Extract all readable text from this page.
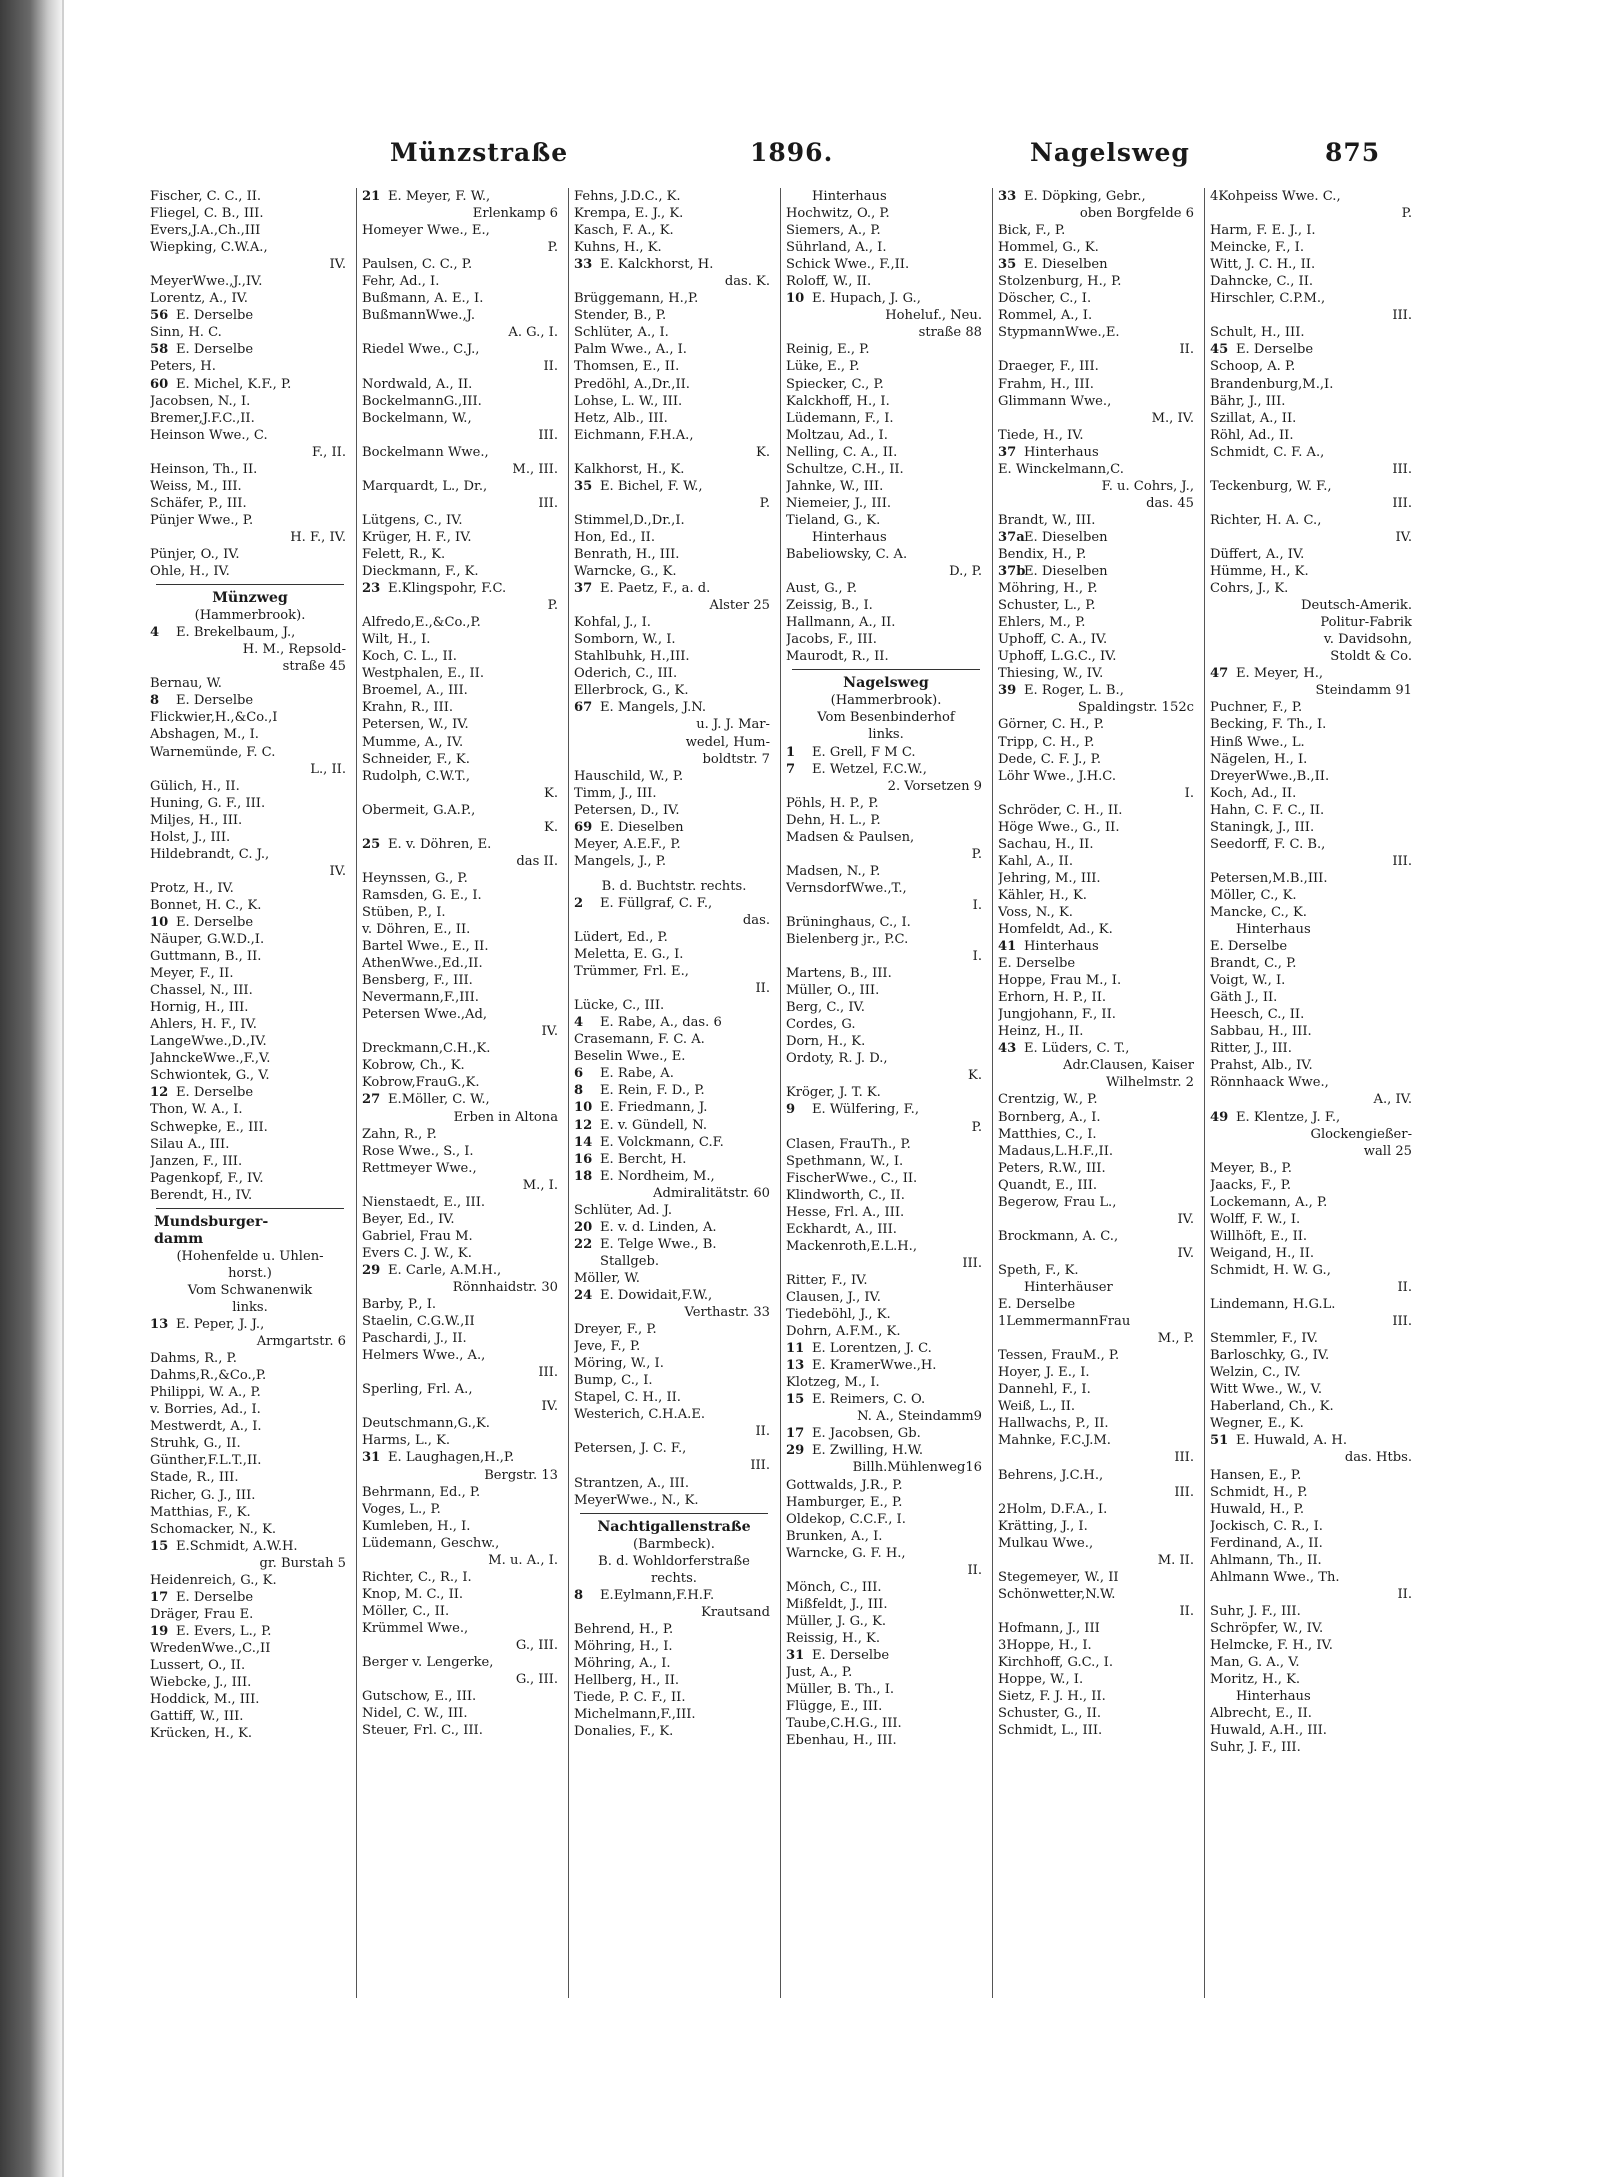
Münzstraße	1896.	Nagelsweg	875
Fischer, C. C., II.
Fliegel, C. B., III.
Evers,J.A.,Ch.,III
Wiepking, C.W.A.,
IV.
MeyerWwe.,J.,IV.
Lorentz, A., IV.
56 E. Derselbe
Sinn, H. C.
58 E. Derselbe
Peters, H.
60 E. Michel, K.F., P.
Jacobsen, N., I.
Bremer,J.F.C.,II.
Heinson Wwe., C.
F., II.
Heinson, Th., II.
Weiss, M., III.
Schäfer, P., III.
Pünjer Wwe., P.
H. F., IV.
Pünjer, O., IV.
Ohle, H., IV.
Münzweg
(Hammerbrook).
4 E. Brekelbaum, J.,
H. M., Repsold-
straße 45
Bernau, W.
8 E. Derselbe
Flickwier,H.,&Co.,I
Abshagen, M., I.
Warnemünde, F. C.
L., II.
Gülich, H., II.
Huning, G. F., III.
Miljes, H., III.
Holst, J., III.
Hildebrandt, C. J.,
IV.
Protz, H., IV.
Bonnet, H. C., K.
10 E. Derselbe
Näuper, G.W.D.,I.
Guttmann, B., II.
Meyer, F., II.
Chassel, N., III.
Hornig, H., III.
Ahlers, H. F., IV.
LangeWwe.,D.,IV.
JahnckeWwe.,F.,V.
Schwiontek, G., V.
12 E. Derselbe
Thon, W. A., I.
Schwepke, E., III.
Silau A., III.
Janzen, F., III.
Pagenkopf, F., IV.
Berendt, H., IV.
Mundsburger-
damm
(Hohenfelde u. Uhlen-
horst.)
Vom Schwanenwik
links.
13 E. Peper, J. J.,
Armgartstr. 6
Dahms, R., P.
Dahms,R.,&Co.,P.
Philippi, W. A., P.
v. Borries, Ad., I.
Mestwerdt, A., I.
Struhk, G., II.
Günther,F.L.T.,II.
Stade, R., III.
Richer, G. J., III.
Matthias, F., K.
Schomacker, N., K.
15 E.Schmidt, A.W.H.
gr. Burstah 5
Heidenreich, G., K.
17 E. Derselbe
Dräger, Frau E.
19 E. Evers, L., P.
WredenWwe.,C.,II
Lussert, O., II.
Wiebcke, J., III.
Hoddick, M., III.
Gattiff, W., III.
Krücken, H., K.
21 E. Meyer, F. W.,
Erlenkamp 6
Homeyer Wwe., E.,
P.
Paulsen, C. C., P.
Fehr, Ad., I.
Bußmann, A. E., I.
BußmannWwe.,J.
A. G., I.
Riedel Wwe., C.J.,
II.
Nordwald, A., II.
BockelmannG.,III.
Bockelmann, W.,
III.
Bockelmann Wwe.,
M., III.
Marquardt, L., Dr.,
III.
Lütgens, C., IV.
Krüger, H. F., IV.
Felett, R., K.
Dieckmann, F., K.
23 E.Klingspohr, F.C.
P.
Alfredo,E.,&Co.,P.
Wilt, H., I.
Koch, C. L., II.
Westphalen, E., II.
Broemel, A., III.
Krahn, R., III.
Petersen, W., IV.
Mumme, A., IV.
Schneider, F., K.
Rudolph, C.W.T.,
K.
Obermeit, G.A.P.,
K.
25 E. v. Döhren, E.
das II.
Heynssen, G., P.
Ramsden, G. E., I.
Stüben, P., I.
v. Döhren, E., II.
Bartel Wwe., E., II.
AthenWwe.,Ed.,II.
Bensberg, F., III.
Nevermann,F.,III.
Petersen Wwe.,Ad,
IV.
Dreckmann,C.H.,K.
Kobrow, Ch., K.
Kobrow,FrauG.,K.
27 E.Möller, C. W.,
Erben in Altona
Zahn, R., P.
Rose Wwe., S., I.
Rettmeyer Wwe.,
M., I.
Nienstaedt, E., III.
Beyer, Ed., IV.
Gabriel, Frau M.
Evers C. J. W., K.
29 E. Carle, A.M.H.,
Rönnhaidstr. 30
Barby, P., I.
Staelin, C.G.W.,II
Paschardi, J., II.
Helmers Wwe., A.,
III.
Sperling, Frl. A.,
IV.
Deutschmann,G.,K.
Harms, L., K.
31 E. Laughagen,H.,P.
Bergstr. 13
Behrmann, Ed., P.
Voges, L., P.
Kumleben, H., I.
Lüdemann, Geschw.,
M. u. A., I.
Richter, C., R., I.
Knop, M. C., II.
Möller, C., II.
Krümmel Wwe.,
G., III.
Berger v. Lengerke,
G., III.
Gutschow, E., III.
Nidel, C. W., III.
Steuer, Frl. C., III.
Fehns, J.D.C., K.
Krempa, E. J., K.
Kasch, F. A., K.
Kuhns, H., K.
33 E. Kalckhorst, H.
das. K.
Brüggemann, H.,P.
Stender, B., P.
Schlüter, A., I.
Palm Wwe., A., I.
Thomsen, E., II.
Predöhl, A.,Dr.,II.
Lohse, L. W., III.
Hetz, Alb., III.
Eichmann, F.H.A.,
K.
Kalkhorst, H., K.
35 E. Bichel, F. W.,
P.
Stimmel,D.,Dr.,I.
Hon, Ed., II.
Benrath, H., III.
Warncke, G., K.
37 E. Paetz, F., a. d.
Alster 25
Kohfal, J., I.
Somborn, W., I.
Stahlbuhk, H.,III.
Oderich, C., III.
Ellerbrock, G., K.
67 E. Mangels, J.N.
u. J. J. Mar-
wedel, Hum-
boldtstr. 7
Hauschild, W., P.
Timm, J., III.
Petersen, D., IV.
69 E. Dieselben
Meyer, A.E.F., P.
Mangels, J., P.
B. d. Buchtstr. rechts.
2 E. Füllgraf, C. F.,
das.
Lüdert, Ed., P.
Meletta, E. G., I.
Trümmer, Frl. E.,
II.
Lücke, C., III.
4 E. Rabe, A., das. 6
Crasemann, F. C. A.
Beselin Wwe., E.
6 E. Rabe, A.
8 E. Rein, F. D., P.
10 E. Friedmann, J.
12 E. v. Gündell, N.
14 E. Volckmann, C.F.
16 E. Bercht, H.
18 E. Nordheim, M.,
Admiralitätstr. 60
Schlüter, Ad. J.
20 E. v. d. Linden, A.
22 E. Telge Wwe., B.
Stallgeb.
Möller, W.
24 E. Dowidait,F.W.,
Verthastr. 33
Dreyer, F., P.
Jeve, F., P.
Möring, W., I.
Bump, C., I.
Stapel, C. H., II.
Westerich, C.H.A.E.
II.
Petersen, J. C. F.,
III.
Strantzen, A., III.
MeyerWwe., N., K.
Nachtigallenstraße
(Barmbeck).
B. d. Wohldorferstraße
rechts.
8 E.Eylmann,F.H.F.
Krautsand
Behrend, H., P.
Möhring, H., I.
Möhring, A., I.
Hellberg, H., II.
Tiede, P. C. F., II.
Michelmann,F.,III.
Donalies, F., K.
Hinterhaus
Hochwitz, O., P.
Siemers, A., P.
Sührland, A., I.
Schick Wwe., F.,II.
Roloff, W., II.
10 E. Hupach, J. G.,
Hoheluf., Neu.
straße 88
Reinig, E., P.
Lüke, E., P.
Spiecker, C., P.
Kalckhoff, H., I.
Lüdemann, F., I.
Moltzau, Ad., I.
Nelling, C. A., II.
Schultze, C.H., II.
Jahnke, W., III.
Niemeier, J., III.
Tieland, G., K.
Hinterhaus
Babeliowsky, C. A.
D., P.
Aust, G., P.
Zeissig, B., I.
Hallmann, A., II.
Jacobs, F., III.
Maurodt, R., II.
Nagelsweg
(Hammerbrook).
Vom Besenbinderhof
links.
1 E. Grell, F M C.
7 E. Wetzel, F.C.W.,
2. Vorsetzen 9
Pöhls, H. P., P.
Dehn, H. L., P.
Madsen & Paulsen,
P.
Madsen, N., P.
VernsdorfWwe.,T.,
I.
Brüninghaus, C., I.
Bielenberg jr., P.C.
I.
Martens, B., III.
Müller, O., III.
Berg, C., IV.
Cordes, G.
Dorn, H., K.
Ordoty, R. J. D.,
K.
Kröger, J. T. K.
9 E. Wülfering, F.,
P.
Clasen, FrauTh., P.
Spethmann, W., I.
FischerWwe., C., II.
Klindworth, C., II.
Hesse, Frl. A., III.
Eckhardt, A., III.
Mackenroth,E.L.H.,
III.
Ritter, F., IV.
Clausen, J., IV.
Tiedeböhl, J., K.
Dohrn, A.F.M., K.
11 E. Lorentzen, J. C.
13 E. KramerWwe.,H.
Klotzeg, M., I.
15 E. Reimers, C. O.
N. A., Steindamm9
17 E. Jacobsen, Gb.
29 E. Zwilling, H.W.
Billh.Mühlenweg16
Gottwalds, J.R., P.
Hamburger, E., P.
Oldekop, C.C.F., I.
Brunken, A., I.
Warncke, G. F. H.,
II.
Mönch, C., III.
Mißfeldt, J., III.
Müller, J. G., K.
Reissig, H., K.
31 E. Derselbe
Just, A., P.
Müller, B. Th., I.
Flügge, E., III.
Taube,C.H.G., III.
Ebenhau, H., III.
33 E. Döpking, Gebr.,
oben Borgfelde 6
Bick, F., P.
Hommel, G., K.
35 E. Dieselben
Stolzenburg, H., P.
Döscher, C., I.
Rommel, A., I.
StypmannWwe.,E.
II.
Draeger, F., III.
Frahm, H., III.
Glimmann Wwe.,
M., IV.
Tiede, H., IV.
37 Hinterhaus
E. Winckelmann,C.
F. u. Cohrs, J.,
das. 45
Brandt, W., III.
37aE. Dieselben
Bendix, H., P.
37bE. Dieselben
Möhring, H., P.
Schuster, L., P.
Ehlers, M., P.
Uphoff, C. A., IV.
Uphoff, L.G.C., IV.
Thiesing, W., IV.
39 E. Roger, L. B.,
Spaldingstr. 152c
Görner, C. H., P.
Tripp, C. H., P.
Dede, C. F. J., P.
Löhr Wwe., J.H.C.
I.
Schröder, C. H., II.
Höge Wwe., G., II.
Sachau, H., II.
Kahl, A., II.
Jehring, M., III.
Kähler, H., K.
Voss, N., K.
Homfeldt, Ad., K.
41 Hinterhaus
E. Derselbe
Hoppe, Frau M., I.
Erhorn, H. P., II.
Jungjohann, F., II.
Heinz, H., II.
43 E. Lüders, C. T.,
Adr.Clausen, Kaiser
Wilhelmstr. 2
Crentzig, W., P.
Bornberg, A., I.
Matthies, C., I.
Madaus,L.H.F.,II.
Peters, R.W., III.
Quandt, E., III.
Begerow, Frau L.,
IV.
Brockmann, A. C.,
IV.
Speth, F., K.
Hinterhäuser
E. Derselbe
1LemmermannFrau
M., P.
Tessen, FrauM., P.
Hoyer, J. E., I.
Dannehl, F., I.
Weiß, L., II.
Hallwachs, P., II.
Mahnke, F.C.J.M.
III.
Behrens, J.C.H.,
III.
2Holm, D.F.A., I.
Krätting, J., I.
Mulkau Wwe.,
M. II.
Stegemeyer, W., II
Schönwetter,N.W.
II.
Hofmann, J., III
3Hoppe, H., I.
Kirchhoff, G.C., I.
Hoppe, W., I.
Sietz, F. J. H., II.
Schuster, G., II.
Schmidt, L., III.
4Kohpeiss Wwe. C.,
P.
Harm, F. E. J., I.
Meincke, F., I.
Witt, J. C. H., II.
Dahncke, C., II.
Hirschler, C.P.M.,
III.
Schult, H., III.
45 E. Derselbe
Schoop, A. P.
Brandenburg,M.,I.
Bähr, J., III.
Szillat, A., II.
Röhl, Ad., II.
Schmidt, C. F. A.,
III.
Teckenburg, W. F.,
III.
Richter, H. A. C.,
IV.
Düffert, A., IV.
Hümme, H., K.
Cohrs, J., K.
Deutsch-Amerik.
Politur-Fabrik
v. Davidsohn,
Stoldt & Co.
47 E. Meyer, H.,
Steindamm 91
Puchner, F., P.
Becking, F. Th., I.
Hinß Wwe., L.
Nägelen, H., I.
DreyerWwe.,B.,II.
Koch, Ad., II.
Hahn, C. F. C., II.
Staningk, J., III.
Seedorff, F. C. B.,
III.
Petersen,M.B.,III.
Möller, C., K.
Mancke, C., K.
Hinterhaus
E. Derselbe
Brandt, C., P.
Voigt, W., I.
Gäth J., II.
Heesch, C., II.
Sabbau, H., III.
Ritter, J., III.
Prahst, Alb., IV.
Rönnhaack Wwe.,
A., IV.
49 E. Klentze, J. F.,
Glockengießer-
wall 25
Meyer, B., P.
Jaacks, F., P.
Lockemann, A., P.
Wolff, F. W., I.
Willhöft, E., II.
Weigand, H., II.
Schmidt, H. W. G.,
II.
Lindemann, H.G.L.
III.
Stemmler, F., IV.
Barloschky, G., IV.
Welzin, C., IV.
Witt Wwe., W., V.
Haberland, Ch., K.
Wegner, E., K.
51 E. Huwald, A. H.
das. Htbs.
Hansen, E., P.
Schmidt, H., P.
Huwald, H., P.
Jockisch, C. R., I.
Ferdinand, A., II.
Ahlmann, Th., II.
Ahlmann Wwe., Th.
II.
Suhr, J. F., III.
Schröpfer, W., IV.
Helmcke, F. H., IV.
Man, G. A., V.
Moritz, H., K.
Hinterhaus
Albrecht, E., II.
Huwald, A.H., III.
Suhr, J. F., III.
